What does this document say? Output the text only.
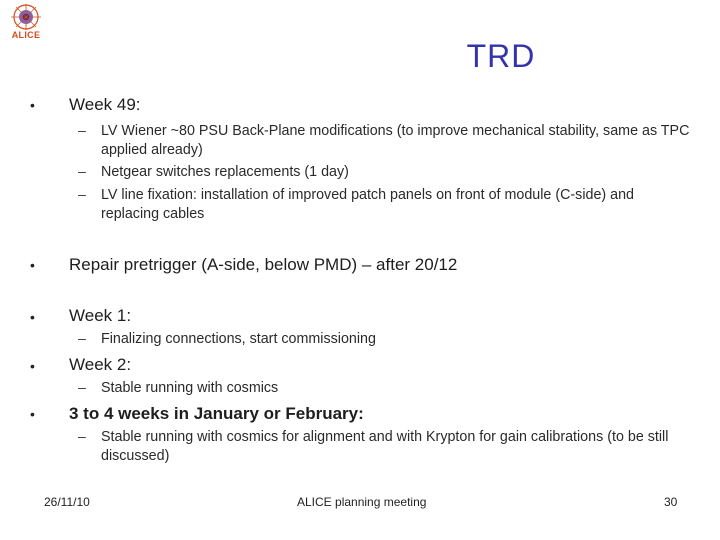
ALICE
TRD
• Week 49:
– LV Wiener ~80 PSU Back-Plane modifications (to improve mechanical stability, same as TPC applied already)
– Netgear switches replacements (1 day)
– LV line fixation: installation of improved patch panels on front of module (C-side) and replacing cables
• Repair pretrigger (A-side, below PMD) – after 20/12
• Week 1:
– Finalizing connections, start commissioning
• Week 2:
– Stable running with cosmics
• 3 to 4 weeks in January or February:
– Stable running with cosmics for alignment and with Krypton for gain calibrations (to be still discussed)
26/11/10	ALICE planning meeting	30
